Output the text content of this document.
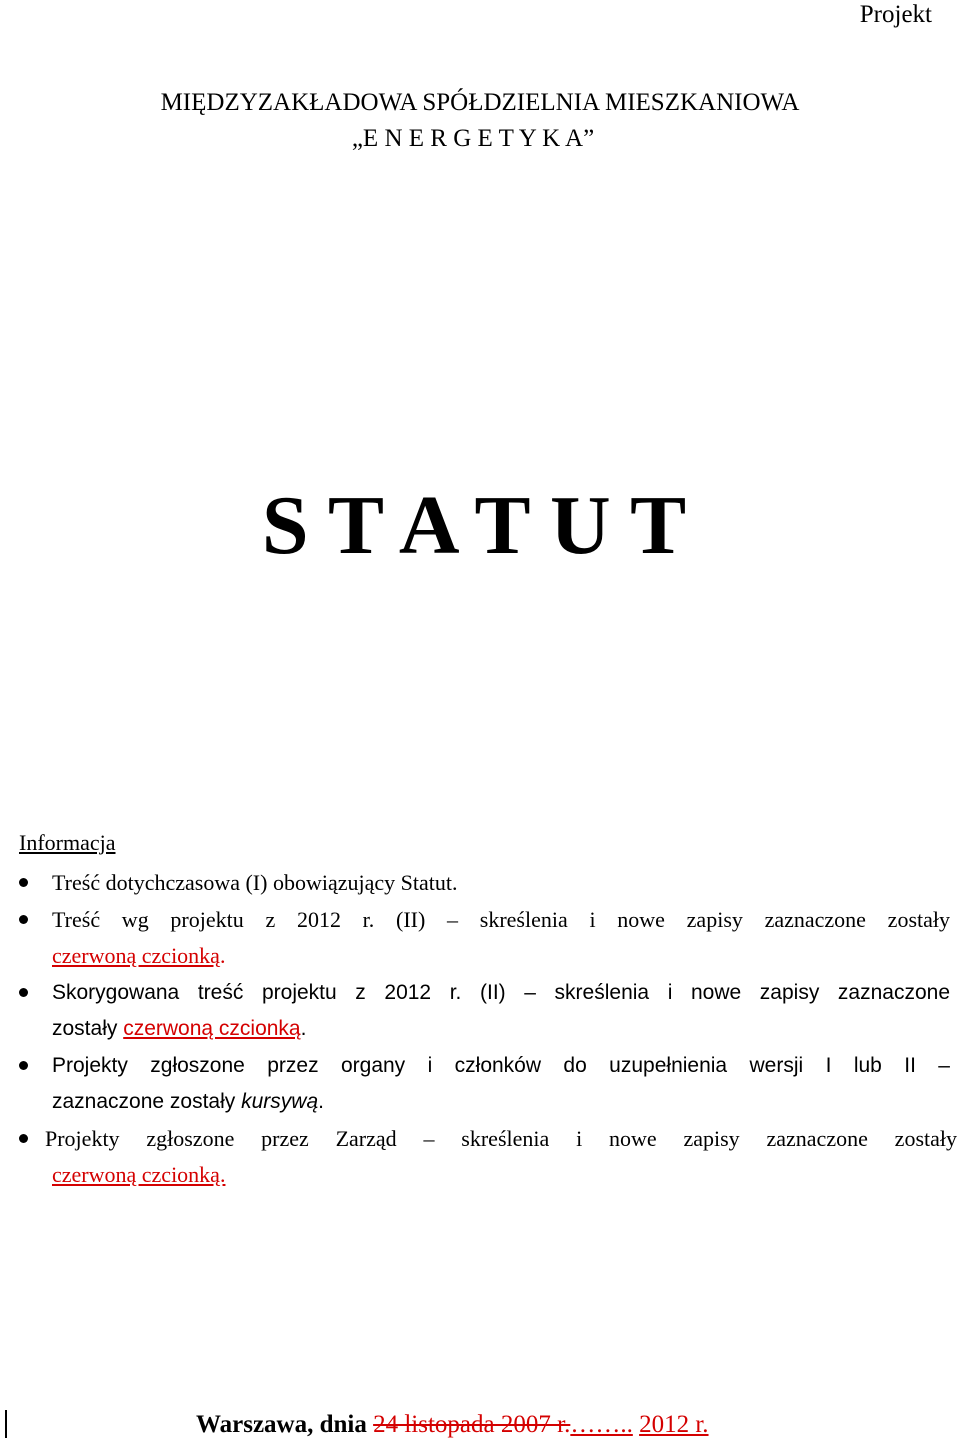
Projekt
MIĘDZYZAKŁADOWA SPÓŁDZIELNIA MIESZKANIOWA
„E N E R G E T Y K A”
S T A T U T
Informacja
Treść dotychczasowa (I) obowiązujący Statut.
Treść wg projektu z 2012 r. (II) – skreślenia i nowe zapisy zaznaczone zostały
czerwoną czcionką.
Skorygowana treść projektu z 2012 r. (II) – skreślenia i nowe zapisy zaznaczone
zostały czerwoną czcionką.
Projekty zgłoszone przez organy i członków do uzupełnienia wersji I lub II –
zaznaczone zostały kursywą.
Projekty zgłoszone przez Zarząd – skreślenia i nowe zapisy zaznaczone zostały
czerwoną czcionką.
Warszawa, dnia 24 listopada 2007 r.…….. 2012 r.
